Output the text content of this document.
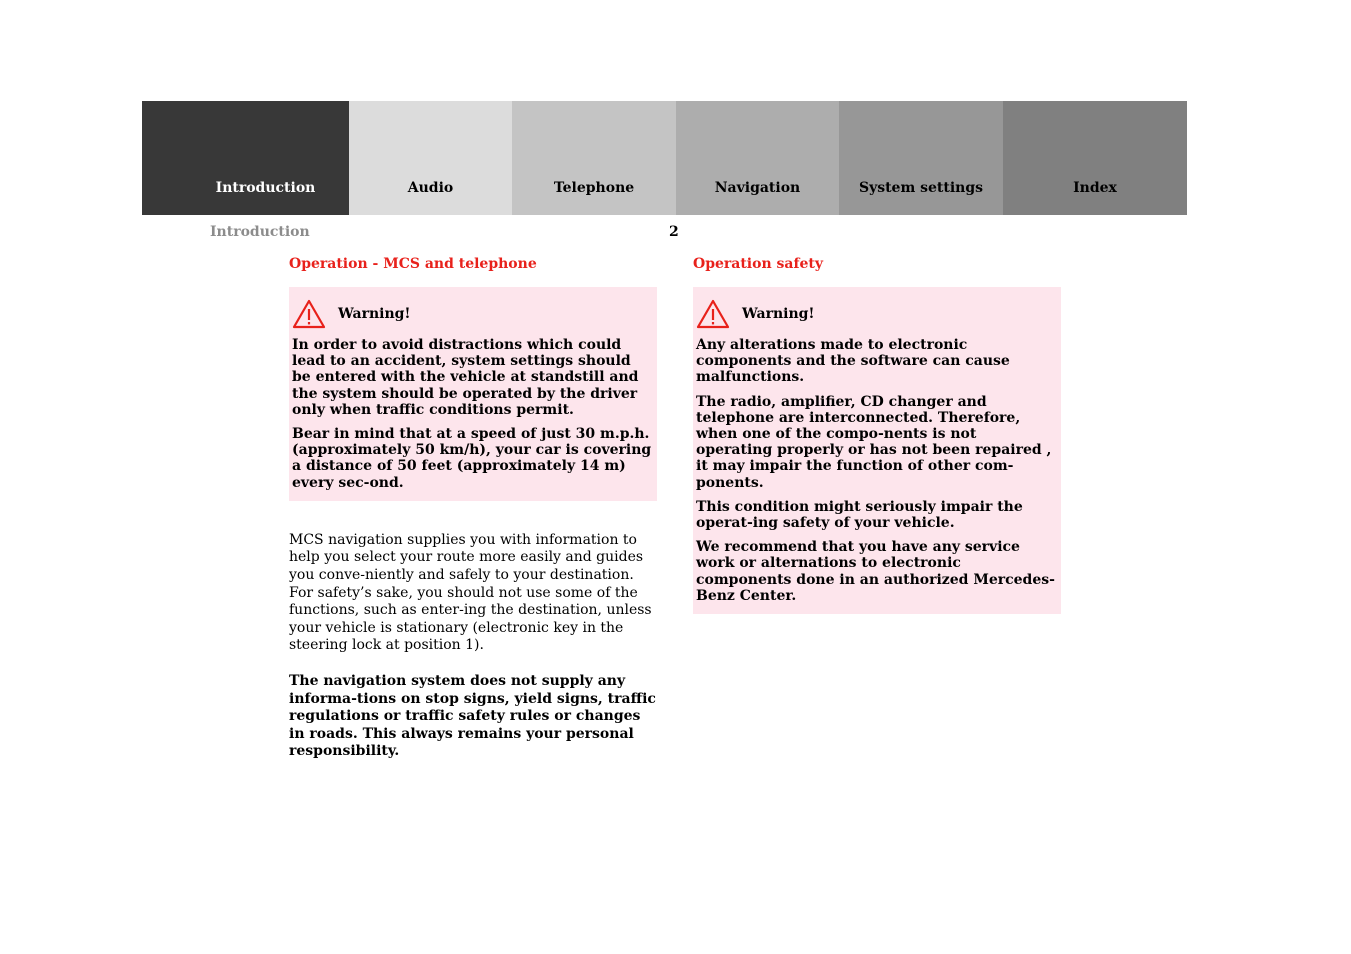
Introduction	Audio	Telephone	Navigation	System settings	Index
Introduction	2
Operation - MCS and telephone
Warning!

In order to avoid distractions which could lead to an accident, system settings should be entered with the vehicle at standstill and the system should be operated by the driver only when traffic conditions permit.

Bear in mind that at a speed of just 30 m.p.h. (approximately 50 km/h), your car is covering a distance of 50 feet (approximately 14 m) every sec-ond.

MCS navigation supplies you with information to help you select your route more easily and guides you conve-niently and safely to your destination. For safety’s sake, you should not use some of the functions, such as enter-ing the destination, unless your vehicle is stationary (electronic key in the steering lock at position 1).

The navigation system does not supply any informa-tions on stop signs, yield signs, traffic regulations or traffic safety rules or changes in roads. This always remains your personal responsibility.

Operation safety
Warning!

Any alterations made to electronic components and the software can cause malfunctions.

The radio, amplifier, CD changer and telephone are interconnected. Therefore, when one of the compo-nents is not operating properly or has not been repaired , it may impair the function of other com-ponents.

This condition might seriously impair the operat-ing safety of your vehicle.

We recommend that you have any service work or alternations to electronic components done in an authorized Mercedes-Benz Center.
